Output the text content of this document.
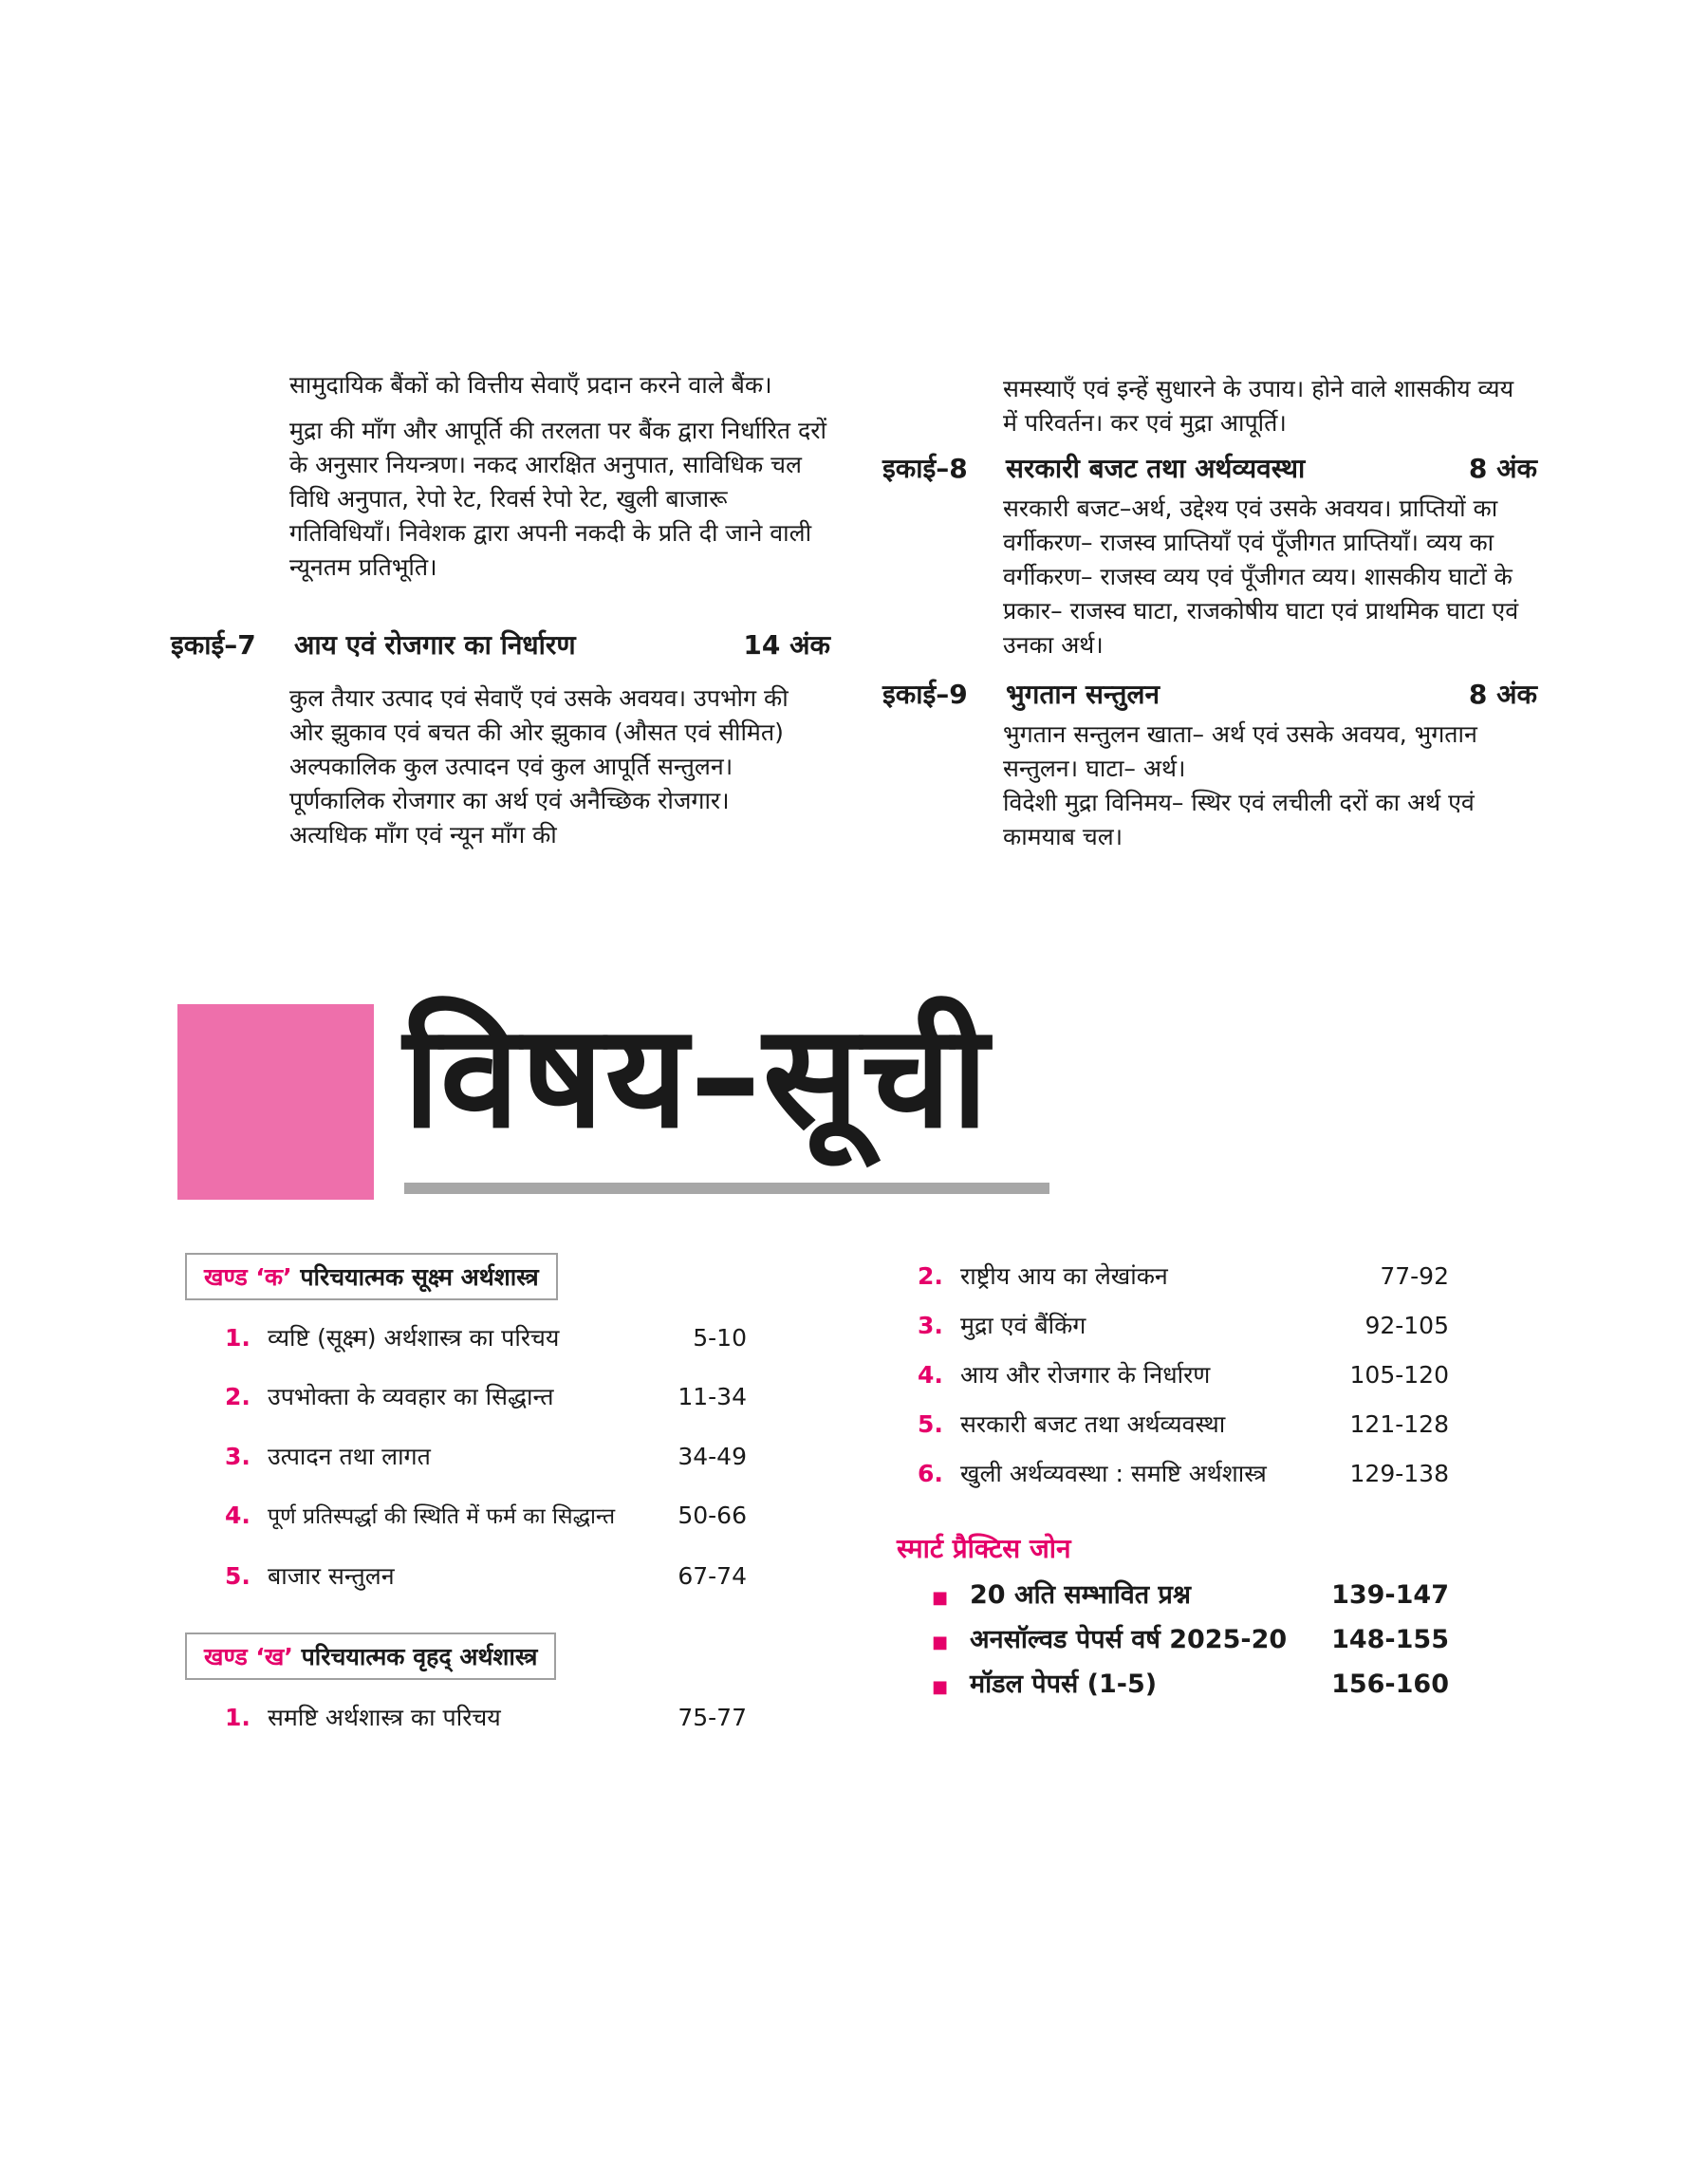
सामुदायिक बैंकों को वित्तीय सेवाएँ प्रदान करने वाले बैंक।

मुद्रा की माँग और आपूर्ति की तरलता पर बैंक द्वारा निर्धारित दरों के अनुसार नियन्त्रण। नकद आरक्षित अनुपात, साविधिक चल विधि अनुपात, रेपो रेट, रिवर्स रेपो रेट, खुली बाजारू गतिविधियाँ। निवेशक द्वारा अपनी नकदी के प्रति दी जाने वाली न्यूनतम प्रतिभूति।

इकाई–7	आय एवं रोजगार का निर्धारण	14 अंक

कुल तैयार उत्पाद एवं सेवाएँ एवं उसके अवयव। उपभोग की ओर झुकाव एवं बचत की ओर झुकाव (औसत एवं सीमित) अल्पकालिक कुल उत्पादन एवं कुल आपूर्ति सन्तुलन। पूर्णकालिक रोजगार का अर्थ एवं अनैच्छिक रोजगार। अत्यधिक माँग एवं न्यून माँग की

समस्याएँ एवं इन्हें सुधारने के उपाय। होने वाले शासकीय व्यय में परिवर्तन। कर एवं मुद्रा आपूर्ति।

इकाई–8	सरकारी बजट तथा अर्थव्यवस्था	8 अंक

सरकारी बजट–अर्थ, उद्देश्य एवं उसके अवयव। प्राप्तियों का वर्गीकरण– राजस्व प्राप्तियाँ एवं पूँजीगत प्राप्तियाँ। व्यय का वर्गीकरण– राजस्व व्यय एवं पूँजीगत व्यय। शासकीय घाटों के प्रकार– राजस्व घाटा, राजकोषीय घाटा एवं प्राथमिक घाटा एवं उनका अर्थ।

इकाई–9	भुगतान सन्तुलन	8 अंक

भुगतान सन्तुलन खाता– अर्थ एवं उसके अवयव, भुगतान सन्तुलन। घाटा– अर्थ।

विदेशी मुद्रा विनिमय– स्थिर एवं लचीली दरों का अर्थ एवं कामयाब चल।

विषय–सूची
खण्ड ‘क’ परिचयात्मक सूक्ष्म अर्थशास्त्र
1. व्यष्टि (सूक्ष्म) अर्थशास्त्र का परिचय	5-10
2. उपभोक्ता के व्यवहार का सिद्धान्त	11-34
3. उत्पादन तथा लागत	34-49
4. पूर्ण प्रतिस्पर्द्धा की स्थिति में फर्म का सिद्धान्त	50-66
5. बाजार सन्तुलन	67-74
खण्ड ‘ख’ परिचयात्मक वृहद् अर्थशास्त्र
1. समष्टि अर्थशास्त्र का परिचय	75-77
2. राष्ट्रीय आय का लेखांकन	77-92
3. मुद्रा एवं बैंकिंग	92-105
4. आय और रोजगार के निर्धारण	105-120
5. सरकारी बजट तथा अर्थव्यवस्था	121-128
6. खुली अर्थव्यवस्था : समष्टि अर्थशास्त्र	129-138
स्मार्ट प्रैक्टिस जोन
■ 20 अति सम्भावित प्रश्न	139-147
■ अनसॉल्वड पेपर्स वर्ष 2025-20	148-155
■ मॉडल पेपर्स (1-5)	156-160
